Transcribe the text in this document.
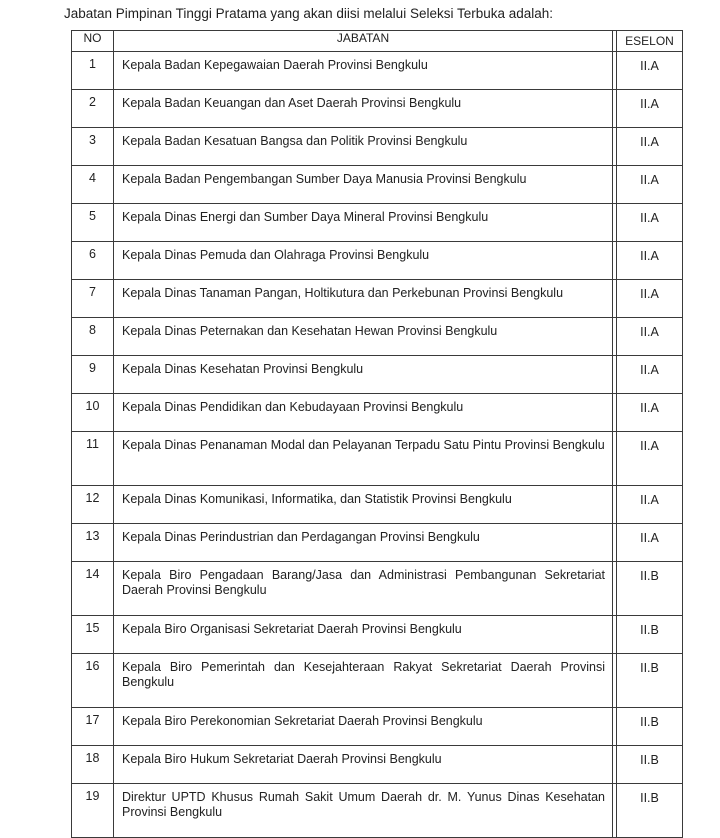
Jabatan Pimpinan Tinggi Pratama yang akan diisi melalui Seleksi Terbuka adalah:
NO	JABATAN	ESELON

1	Kepala Badan Kepegawaian Daerah Provinsi Bengkulu	II.A

2	Kepala Badan Keuangan dan Aset Daerah Provinsi Bengkulu	II.A

3	Kepala Badan Kesatuan Bangsa dan Politik Provinsi Bengkulu	II.A

4	Kepala Badan Pengembangan Sumber Daya Manusia Provinsi Bengkulu	II.A

5	Kepala Dinas Energi dan Sumber Daya Mineral Provinsi Bengkulu	II.A

6	Kepala Dinas Pemuda dan Olahraga Provinsi Bengkulu	II.A

7	Kepala Dinas Tanaman Pangan, Holtikutura dan Perkebunan Provinsi Bengkulu	II.A

8	Kepala Dinas Peternakan dan Kesehatan Hewan Provinsi Bengkulu	II.A

9	Kepala Dinas Kesehatan Provinsi Bengkulu	II.A

10	Kepala Dinas Pendidikan dan Kebudayaan Provinsi Bengkulu	II.A

11	Kepala Dinas Penanaman Modal dan Pelayanan Terpadu Satu Pintu Provinsi Bengkulu	II.A

12	Kepala Dinas Komunikasi, Informatika, dan Statistik Provinsi Bengkulu	II.A

13	Kepala Dinas Perindustrian dan Perdagangan Provinsi Bengkulu	II.A

14	Kepala Biro Pengadaan Barang/Jasa dan Administrasi Pembangunan Sekretariat Daerah Provinsi Bengkulu	II.B

15	Kepala Biro Organisasi Sekretariat Daerah Provinsi Bengkulu	II.B

16	Kepala Biro Pemerintah dan Kesejahteraan Rakyat Sekretariat Daerah Provinsi Bengkulu	II.B

17	Kepala Biro Perekonomian Sekretariat Daerah Provinsi Bengkulu	II.B

18	Kepala Biro Hukum Sekretariat Daerah Provinsi Bengkulu	II.B

19	Direktur UPTD Khusus Rumah Sakit Umum Daerah dr. M. Yunus Dinas Kesehatan Provinsi Bengkulu	II.B
